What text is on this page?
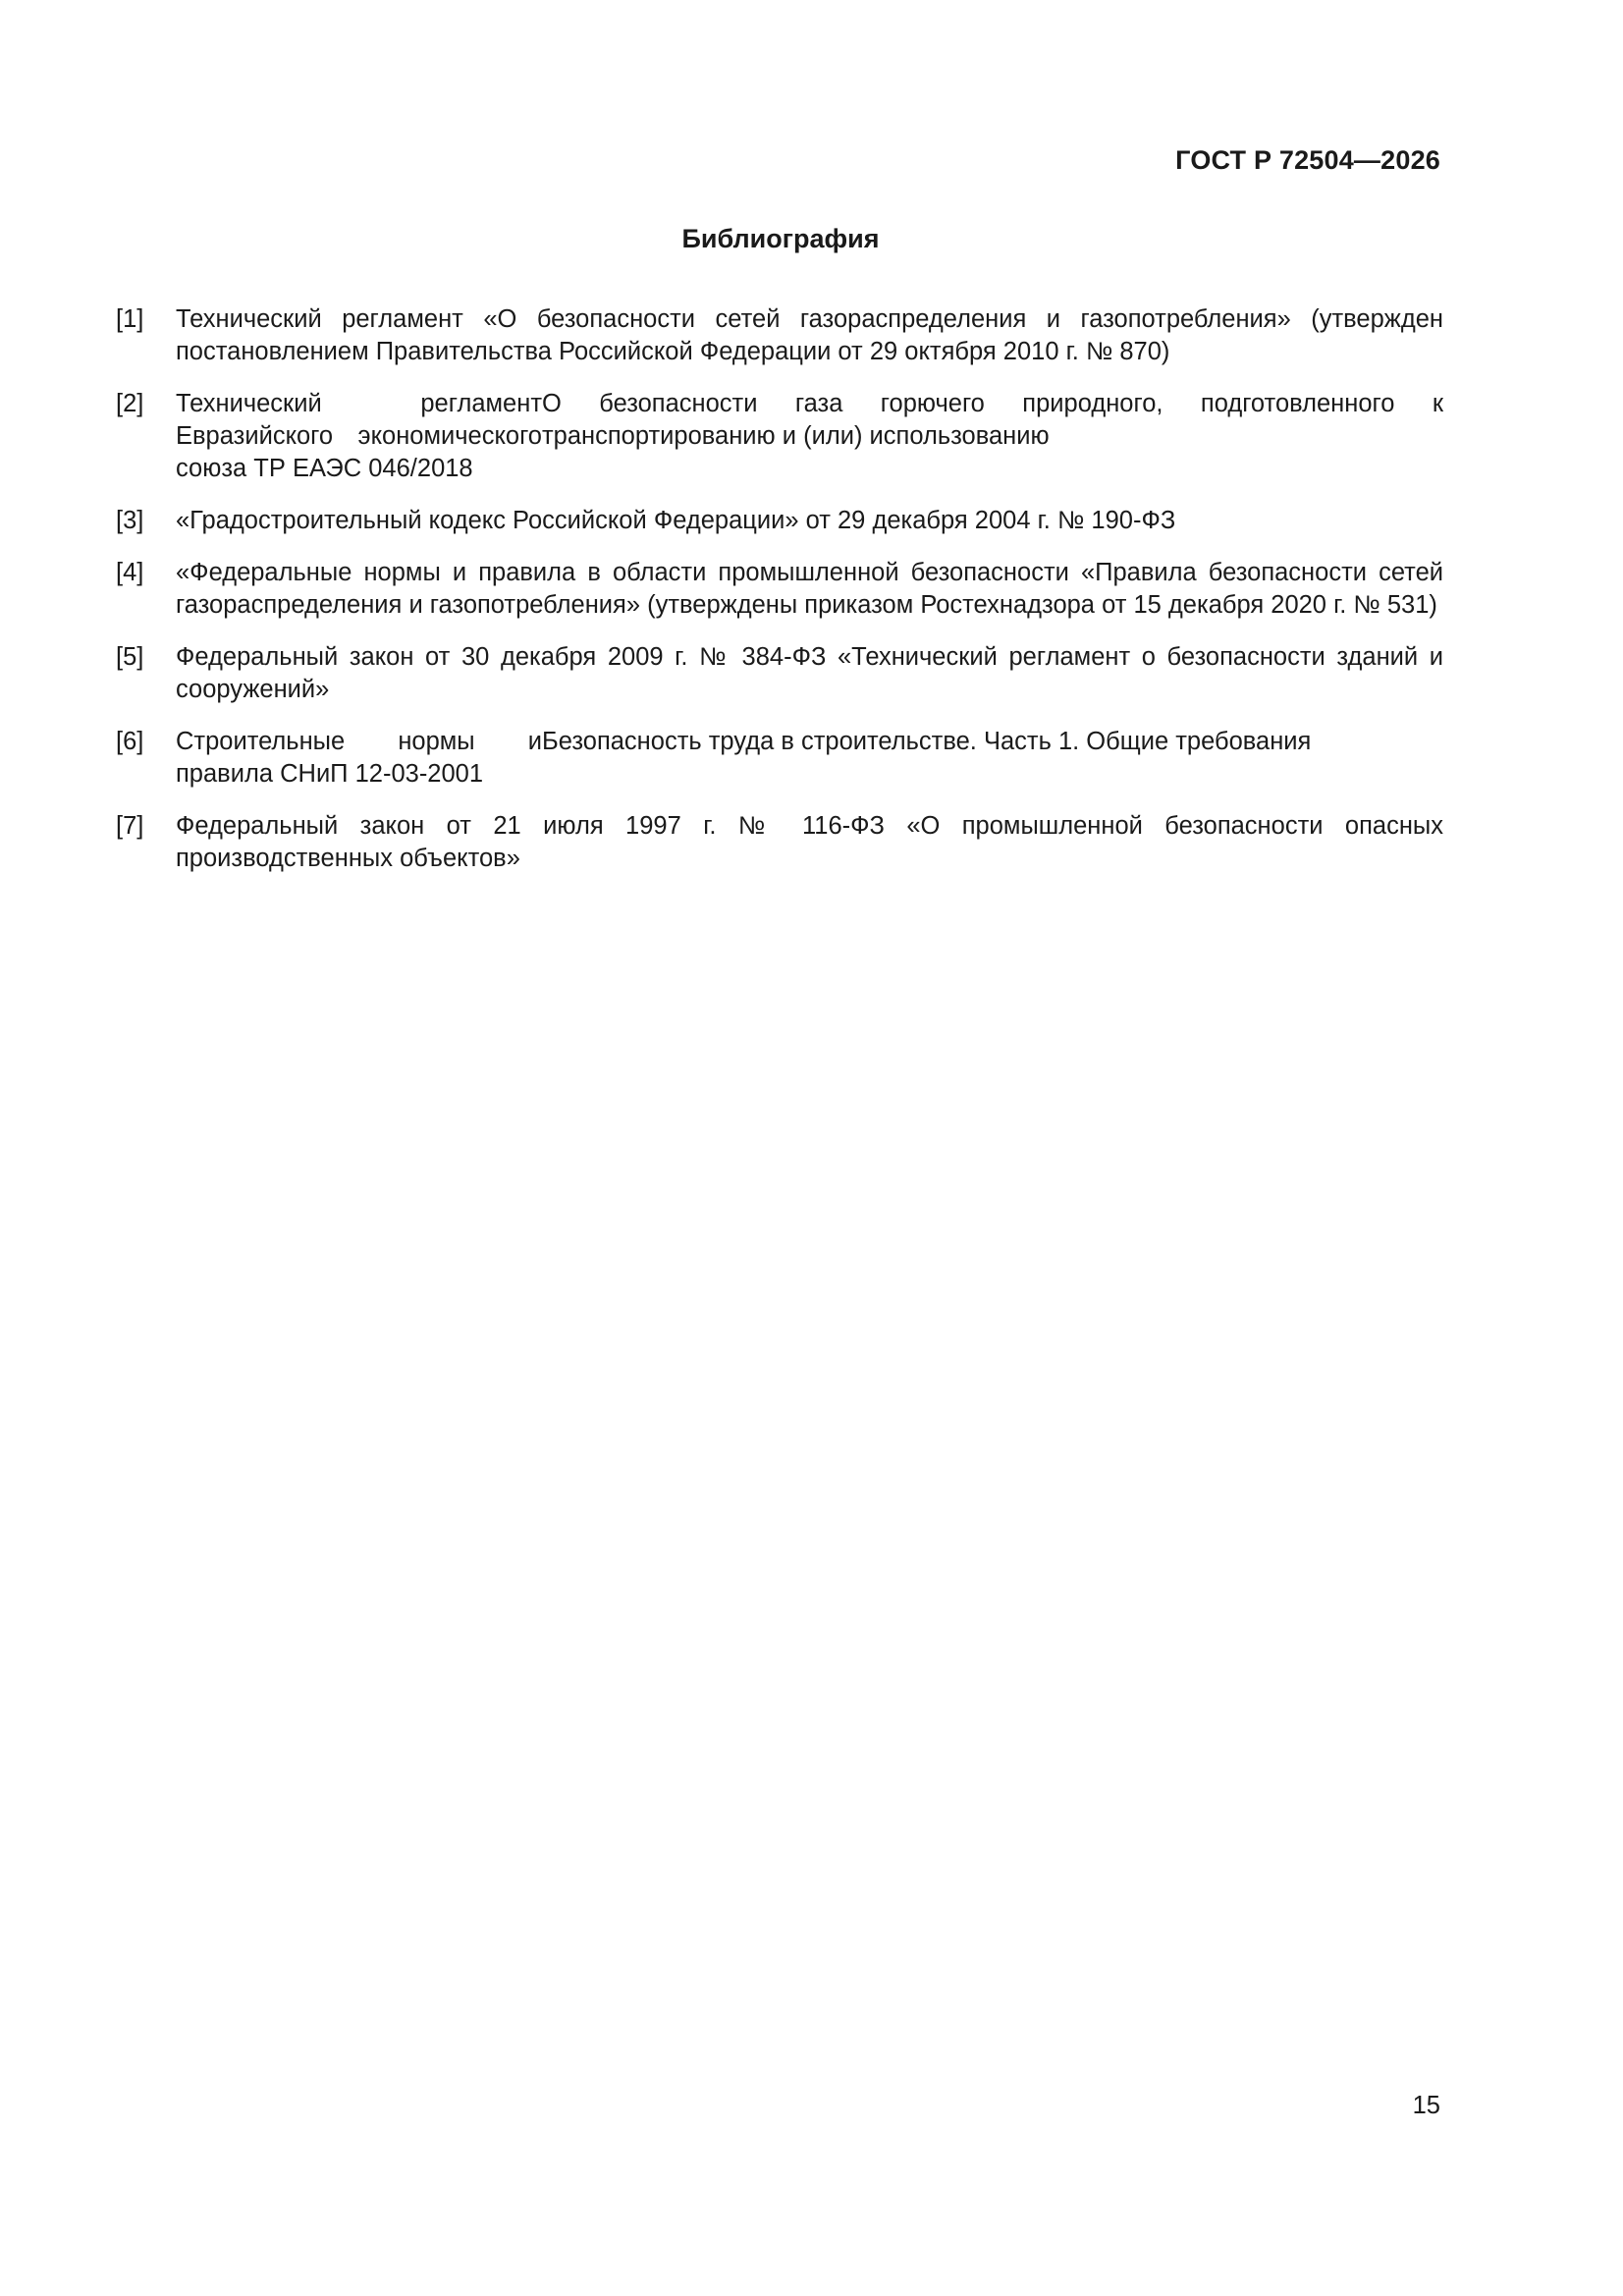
ГОСТ Р 72504—2026
Библиография
[1] Технический регламент «О безопасности сетей газораспределения и газопотребления» (утвержден постановлением Правительства Российской Федерации от 29 октября 2010 г. № 870)
[2] Технический регламент Евразийского экономического союза ТР ЕАЭС 046/2018
О безопасности газа горючего природного, подготовленного к транспортированию и (или) использованию
[3] «Градостроительный кодекс Российской Федерации» от 29 декабря 2004 г. № 190-ФЗ
[4] «Федеральные нормы и правила в области промышленной безопасности «Правила безопасности сетей газораспределения и газопотребления» (утверждены приказом Ростехнадзора от 15 декабря 2020 г. № 531)
[5] Федеральный закон от 30 декабря 2009 г. № 384-ФЗ «Технический регламент о безопасности зданий и сооружений»
[6] Строительные нормы и правила СНиП 12-03-2001
Безопасность труда в строительстве. Часть 1. Общие требования
[7] Федеральный закон от 21 июля 1997 г. № 116-ФЗ «О промышленной безопасности опасных производственных объектов»
15
